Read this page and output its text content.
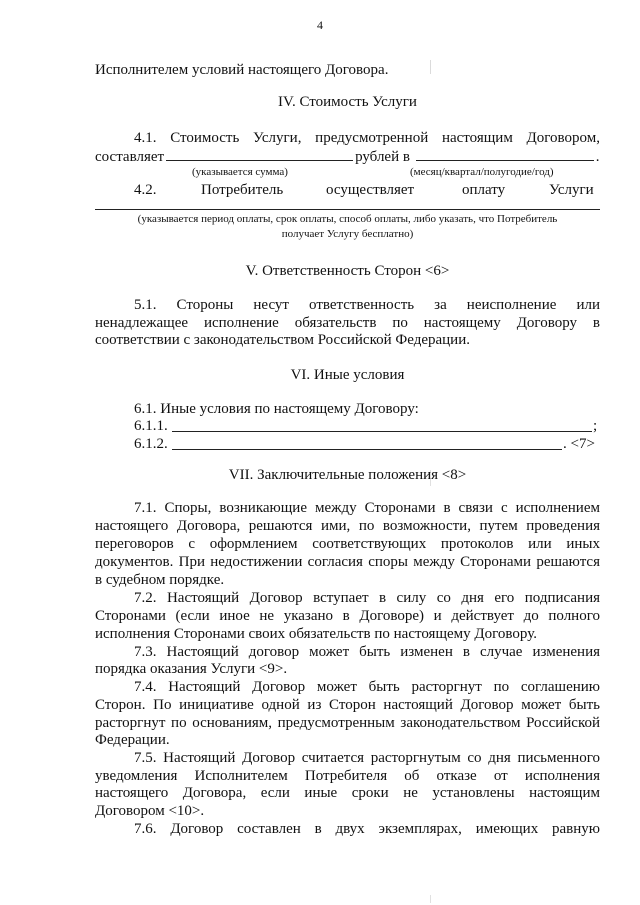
4
Исполнителем условий настоящего Договора.
IV. Стоимость Услуги
4.1. Стоимость Услуги, предусмотренной настоящим Договором,
составляет	рублей в	.
(указывается сумма)	(месяц/квартал/полугодие/год)
4.2.	Потребитель	осуществляет	оплату	Услуги
(указывается период оплаты, срок оплаты, способ оплаты, либо указать, что Потребитель
получает Услугу бесплатно)
V. Ответственность Сторон <6>
5.1. Стороны несут ответственность за неисполнение или
ненадлежащее исполнение обязательств по настоящему Договору в
соответствии с законодательством Российской Федерации.
VI. Иные условия
6.1. Иные условия по настоящему Договору:
6.1.1.	;
6.1.2.	. <7>
VII. Заключительные положения <8>
7.1. Споры, возникающие между Сторонами в связи с исполнением
настоящего Договора, решаются ими, по возможности, путем проведения
переговоров с оформлением соответствующих протоколов или иных
документов. При недостижении согласия споры между Сторонами решаются
в судебном порядке.
7.2. Настоящий Договор вступает в силу со дня его подписания
Сторонами (если иное не указано в Договоре) и действует до полного
исполнения Сторонами своих обязательств по настоящему Договору.
7.3. Настоящий договор может быть изменен в случае изменения
порядка оказания Услуги <9>.
7.4. Настоящий Договор может быть расторгнут по соглашению
Сторон. По инициативе одной из Сторон настоящий Договор может быть
расторгнут по основаниям, предусмотренным законодательством Российской
Федерации.
7.5. Настоящий Договор считается расторгнутым со дня письменного
уведомления Исполнителем Потребителя об отказе от исполнения
настоящего Договора, если иные сроки не установлены настоящим
Договором <10>.
7.6. Договор составлен в двух экземплярах, имеющих равную
